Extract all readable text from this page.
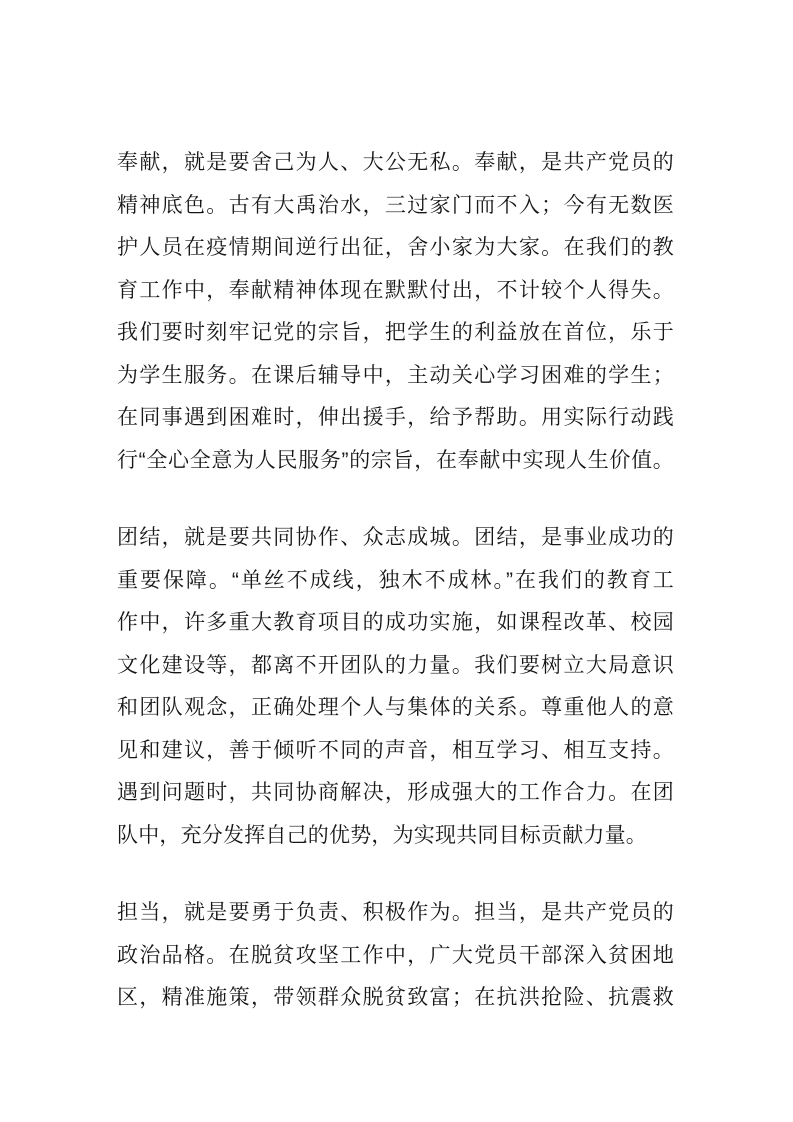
奉献，就是要舍己为人、大公无私。奉献，是共产党员的
精神底色。古有大禹治水，三过家门而不入；今有无数医
护人员在疫情期间逆行出征，舍小家为大家。在我们的教
育工作中，奉献精神体现在默默付出，不计较个人得失。
我们要时刻牢记党的宗旨，把学生的利益放在首位，乐于
为学生服务。在课后辅导中，主动关心学习困难的学生；
在同事遇到困难时，伸出援手，给予帮助。用实际行动践
行“全心全意为人民服务”的宗旨，在奉献中实现人生价值。
团结，就是要共同协作、众志成城。团结，是事业成功的
重要保障。“单丝不成线，独木不成林。”在我们的教育工
作中，许多重大教育项目的成功实施，如课程改革、校园
文化建设等，都离不开团队的力量。我们要树立大局意识
和团队观念，正确处理个人与集体的关系。尊重他人的意
见和建议，善于倾听不同的声音，相互学习、相互支持。
遇到问题时，共同协商解决，形成强大的工作合力。在团
队中，充分发挥自己的优势，为实现共同目标贡献力量。
担当，就是要勇于负责、积极作为。担当，是共产党员的
政治品格。在脱贫攻坚工作中，广大党员干部深入贫困地
区，精准施策，带领群众脱贫致富；在抗洪抢险、抗震救
